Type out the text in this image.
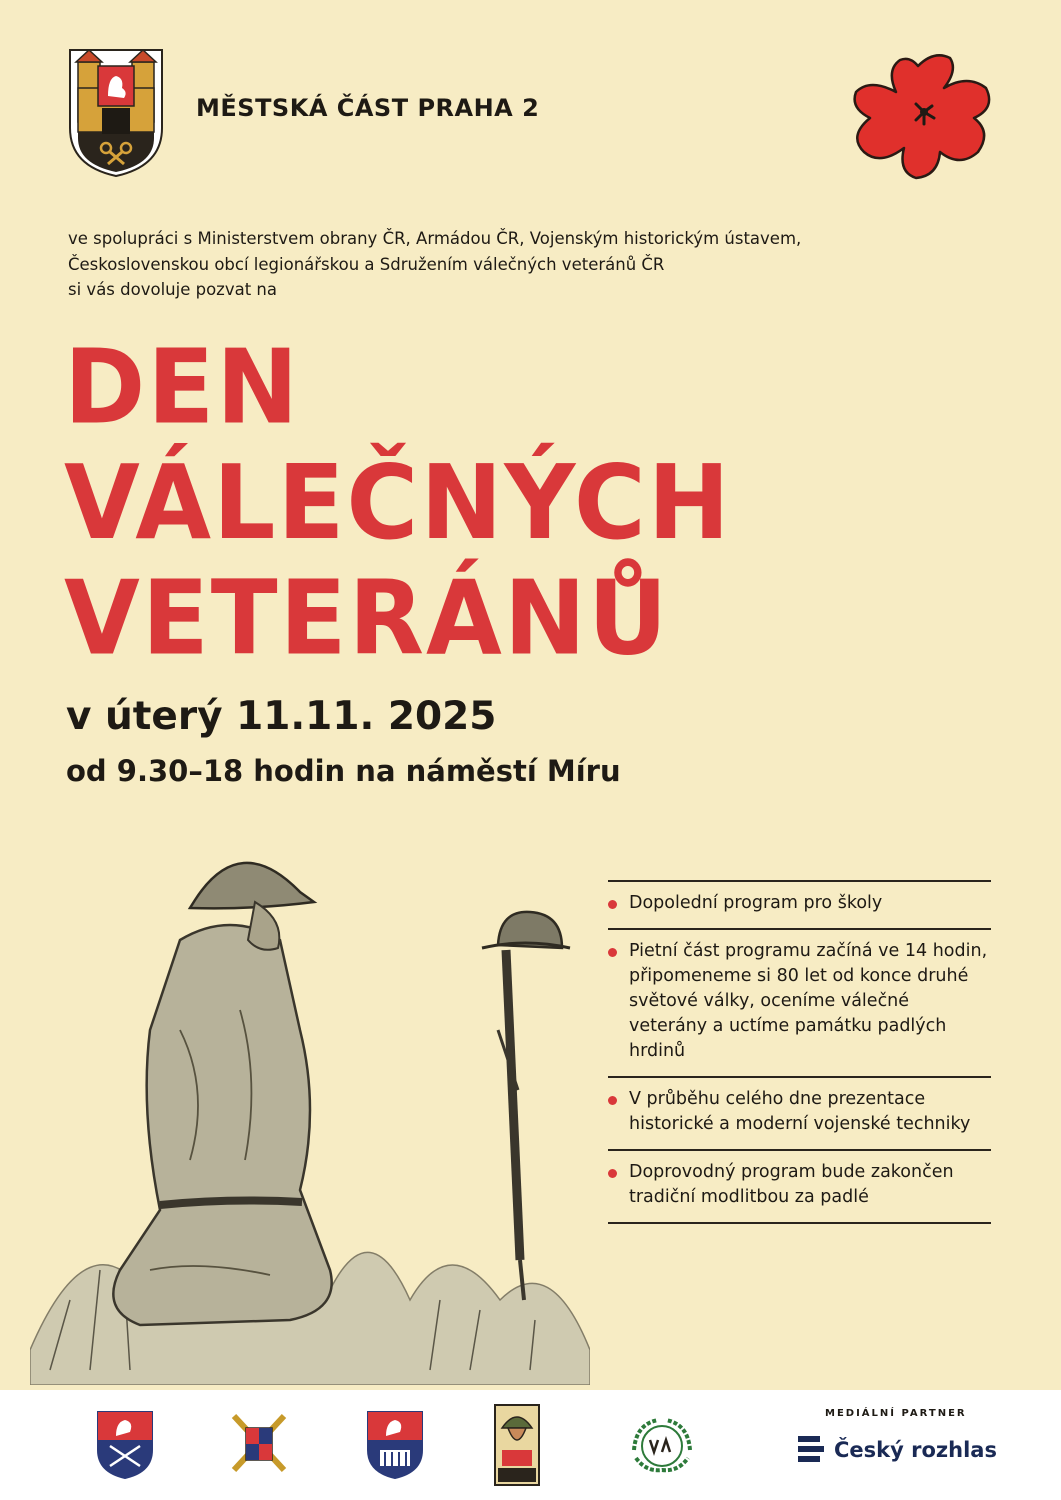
MĚSTSKÁ ČÁST PRAHA 2
ve spolupráci s Ministerstvem obrany ČR, Armádou ČR, Vojenským historickým ústavem,
Československou obcí legionářskou a Sdružením válečných veteránů ČR
si vás dovoluje pozvat na
DEN
VÁLEČNÝCH
VETERÁNŮ
v úterý 11.11. 2025
od 9.30–18 hodin na náměstí Míru
Dopolední program pro školy
Pietní část programu začíná ve 14 hodin, připomeneme si 80 let od konce druhé světové války, oceníme válečné veterány a uctíme památku padlých hrdinů
V průběhu celého dne prezentace historické a moderní vojenské techniky
Doprovodný program bude zakončen tradiční modlitbou za padlé
MEDIÁLNÍ PARTNER
Český rozhlas
